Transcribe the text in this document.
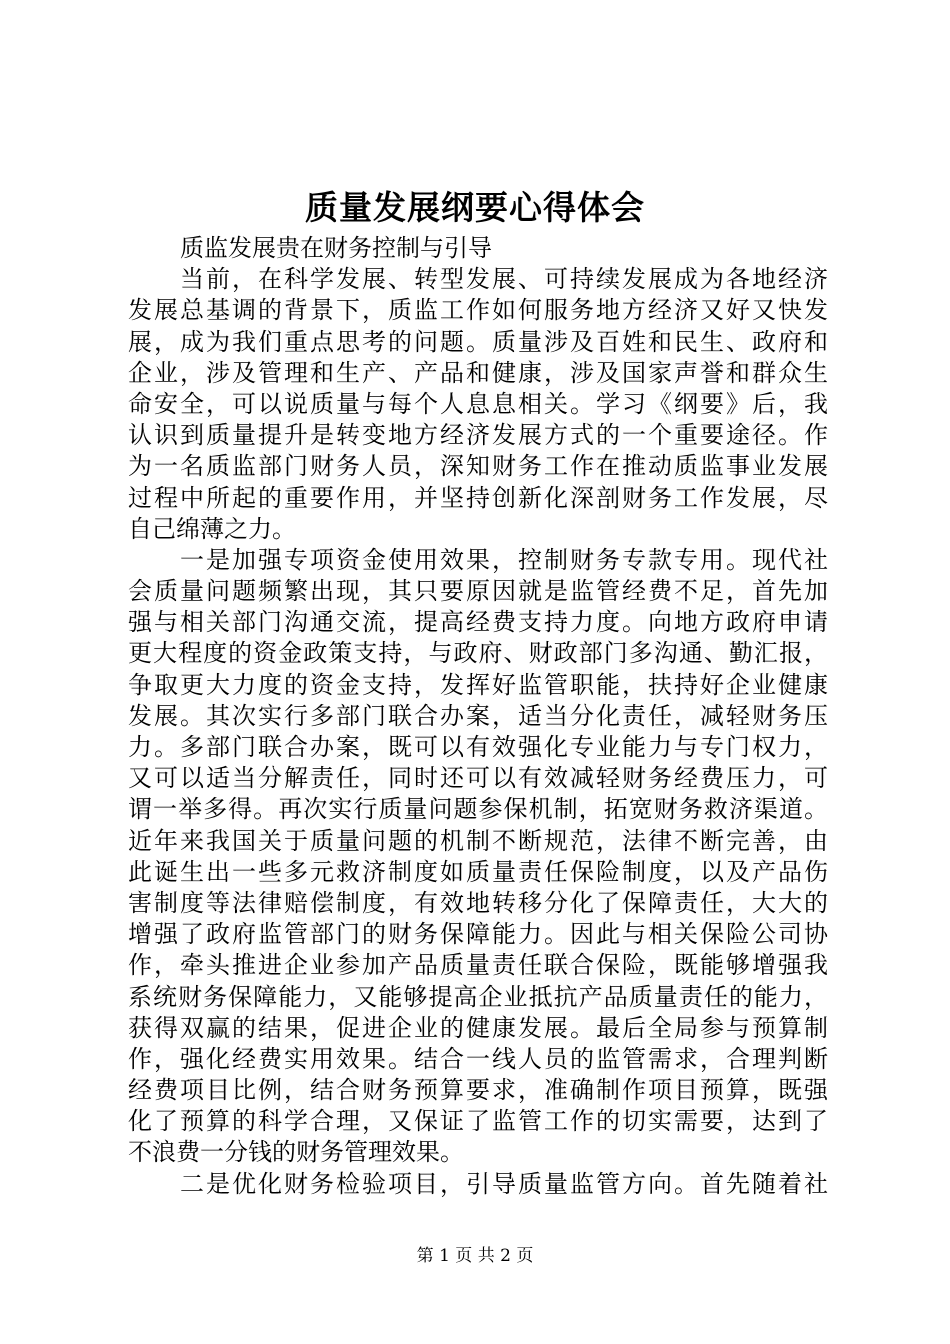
质量发展纲要心得体会
质监发展贵在财务控制与引导
当前，在科学发展、转型发展、可持续发展成为各地经济
发展总基调的背景下，质监工作如何服务地方经济又好又快发
展，成为我们重点思考的问题。质量涉及百姓和民生、政府和
企业，涉及管理和生产、产品和健康，涉及国家声誉和群众生
命安全，可以说质量与每个人息息相关。学习《纲要》后，我
认识到质量提升是转变地方经济发展方式的一个重要途径。作
为一名质监部门财务人员，深知财务工作在推动质监事业发展
过程中所起的重要作用，并坚持创新化深剖财务工作发展，尽
自己绵薄之力。
一是加强专项资金使用效果，控制财务专款专用。现代社
会质量问题频繁出现，其只要原因就是监管经费不足，首先加
强与相关部门沟通交流，提高经费支持力度。向地方政府申请
更大程度的资金政策支持，与政府、财政部门多沟通、勤汇报，
争取更大力度的资金支持，发挥好监管职能，扶持好企业健康
发展。其次实行多部门联合办案，适当分化责任，减轻财务压
力。多部门联合办案，既可以有效强化专业能力与专门权力，
又可以适当分解责任，同时还可以有效减轻财务经费压力，可
谓一举多得。再次实行质量问题参保机制，拓宽财务救济渠道。
近年来我国关于质量问题的机制不断规范，法律不断完善，由
此诞生出一些多元救济制度如质量责任保险制度，以及产品伤
害制度等法律赔偿制度，有效地转移分化了保障责任，大大的
增强了政府监管部门的财务保障能力。因此与相关保险公司协
作，牵头推进企业参加产品质量责任联合保险，既能够增强我
系统财务保障能力，又能够提高企业抵抗产品质量责任的能力，
获得双赢的结果，促进企业的健康发展。最后全局参与预算制
作，强化经费实用效果。结合一线人员的监管需求，合理判断
经费项目比例，结合财务预算要求，准确制作项目预算，既强
化了预算的科学合理，又保证了监管工作的切实需要，达到了
不浪费一分钱的财务管理效果。
二是优化财务检验项目，引导质量监管方向。首先随着社
第 1 页 共 2 页
